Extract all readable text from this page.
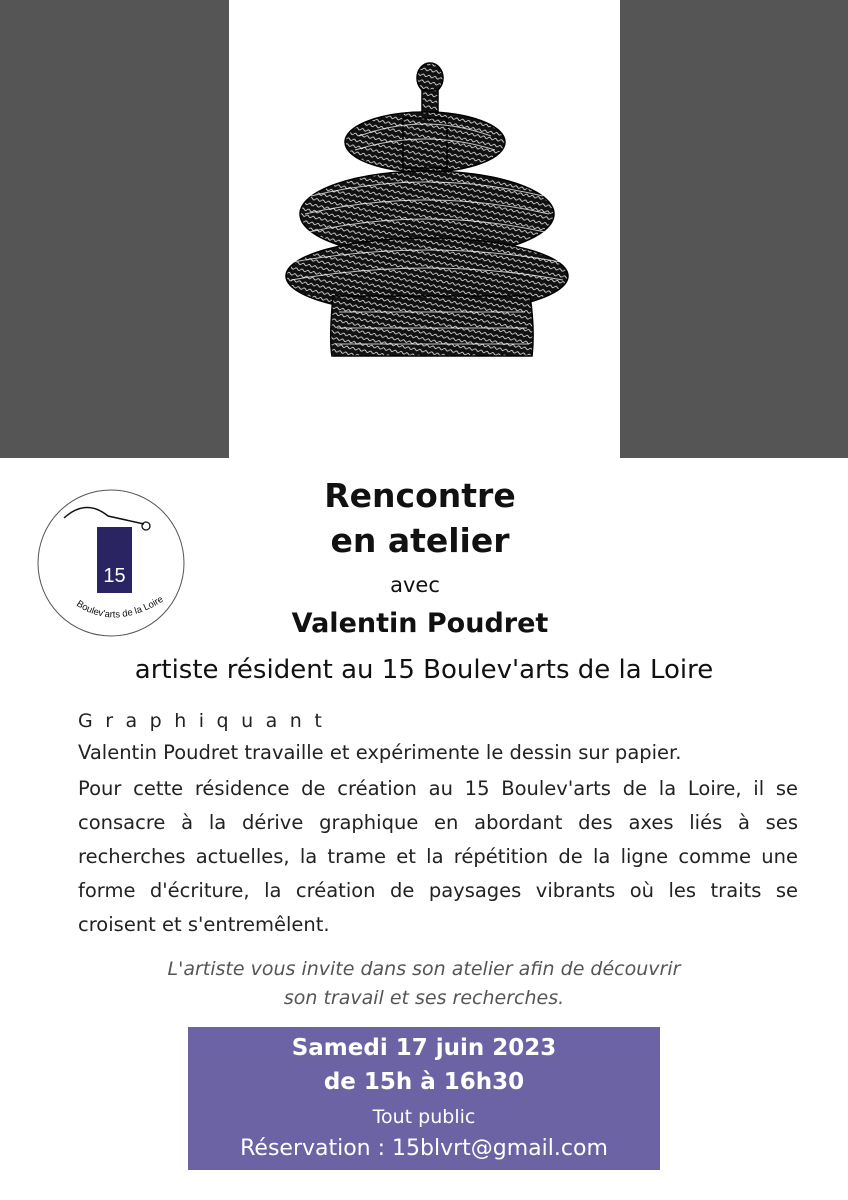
15
Boulev'arts de la Loire
Rencontre
en atelier
avec
Valentin Poudret
artiste résident au 15 Boulev'arts de la Loire
Graphiquant
Valentin Poudret travaille et expérimente le dessin sur papier.
Pour cette résidence de création au 15 Boulev'arts de la Loire, il se consacre à la dérive graphique en abordant des axes liés à ses recherches actuelles, la trame et la répétition de la ligne comme une forme d'écriture, la création de paysages vibrants où les traits se croisent et s'entremêlent.
L'artiste vous invite dans son atelier afin de découvrir
son travail et ses recherches.
Samedi 17 juin 2023
de 15h à 16h30
Tout public
Réservation : 15blvrt@gmail.com
